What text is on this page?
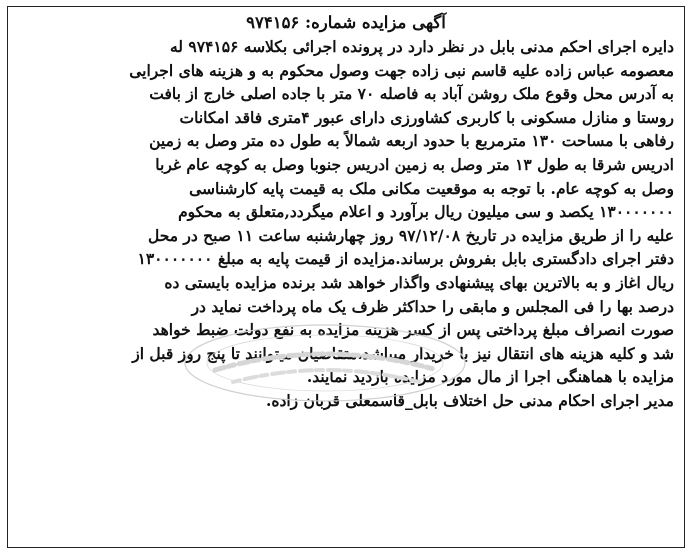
آگهی مزایده شماره: ۹۷۴۱۵۶
دایره اجرای احکم مدنی بابل در نظر دارد در پرونده اجرائی بکلاسه ۹۷۴۱۵۶ له
معصومه عباس زاده علیه قاسم نبی زاده جهت وصول محکوم به و هزینه های اجرایی
به آدرس محل وقوع ملک روشن آباد به فاصله ۷۰ متر با جاده اصلی خارج از بافت
روستا و منازل مسکونی با کاربری کشاورزی دارای عبور ۴متری فاقد امکانات
رفاهی با مساحت ۱۳۰ مترمربع با حدود اربعه شمالاً به طول ده متر وصل به زمین
ادریس شرقا به طول ۱۳ متر وصل به زمین ادریس جنوبا وصل به کوچه عام غربا
وصل به کوچه عام. با توجه به موقعیت مکانی ملک به قیمت پایه کارشناسی
۱۳۰۰۰۰۰۰۰ یکصد و سی میلیون ریال برآورد و اعلام میگردد,متعلق به محکوم
علیه را از طریق مزایده در تاریخ ۹۷/۱۲/۰۸ روز چهارشنبه ساعت ۱۱ صبح در محل
دفتر اجرای دادگستری بابل بفروش برساند.مزایده از قیمت پایه به مبلغ ۱۳۰۰۰۰۰۰۰
ریال اغاز و به بالاترین بهای پیشنهادی واگذار خواهد شد برنده مزایده بایستی ده
درصد بها را فی المجلس و مابقی را حداکثر ظرف یک ماه پرداخت نماید در
صورت انصراف مبلغ پرداختی پس از کسر هزینه مزایده به نفع دولت ضبط خواهد
شد و کلیه هزینه های انتقال نیز با خریدار میباشد.متقاضیان میتوانند تا پنج روز قبل از
مزایده با هماهنگی اجرا از مال مورد مزایده بازدید نمایند.
مدیر اجرای احکام مدنی حل اختلاف بابل_قاسمعلی قربان زاده.
